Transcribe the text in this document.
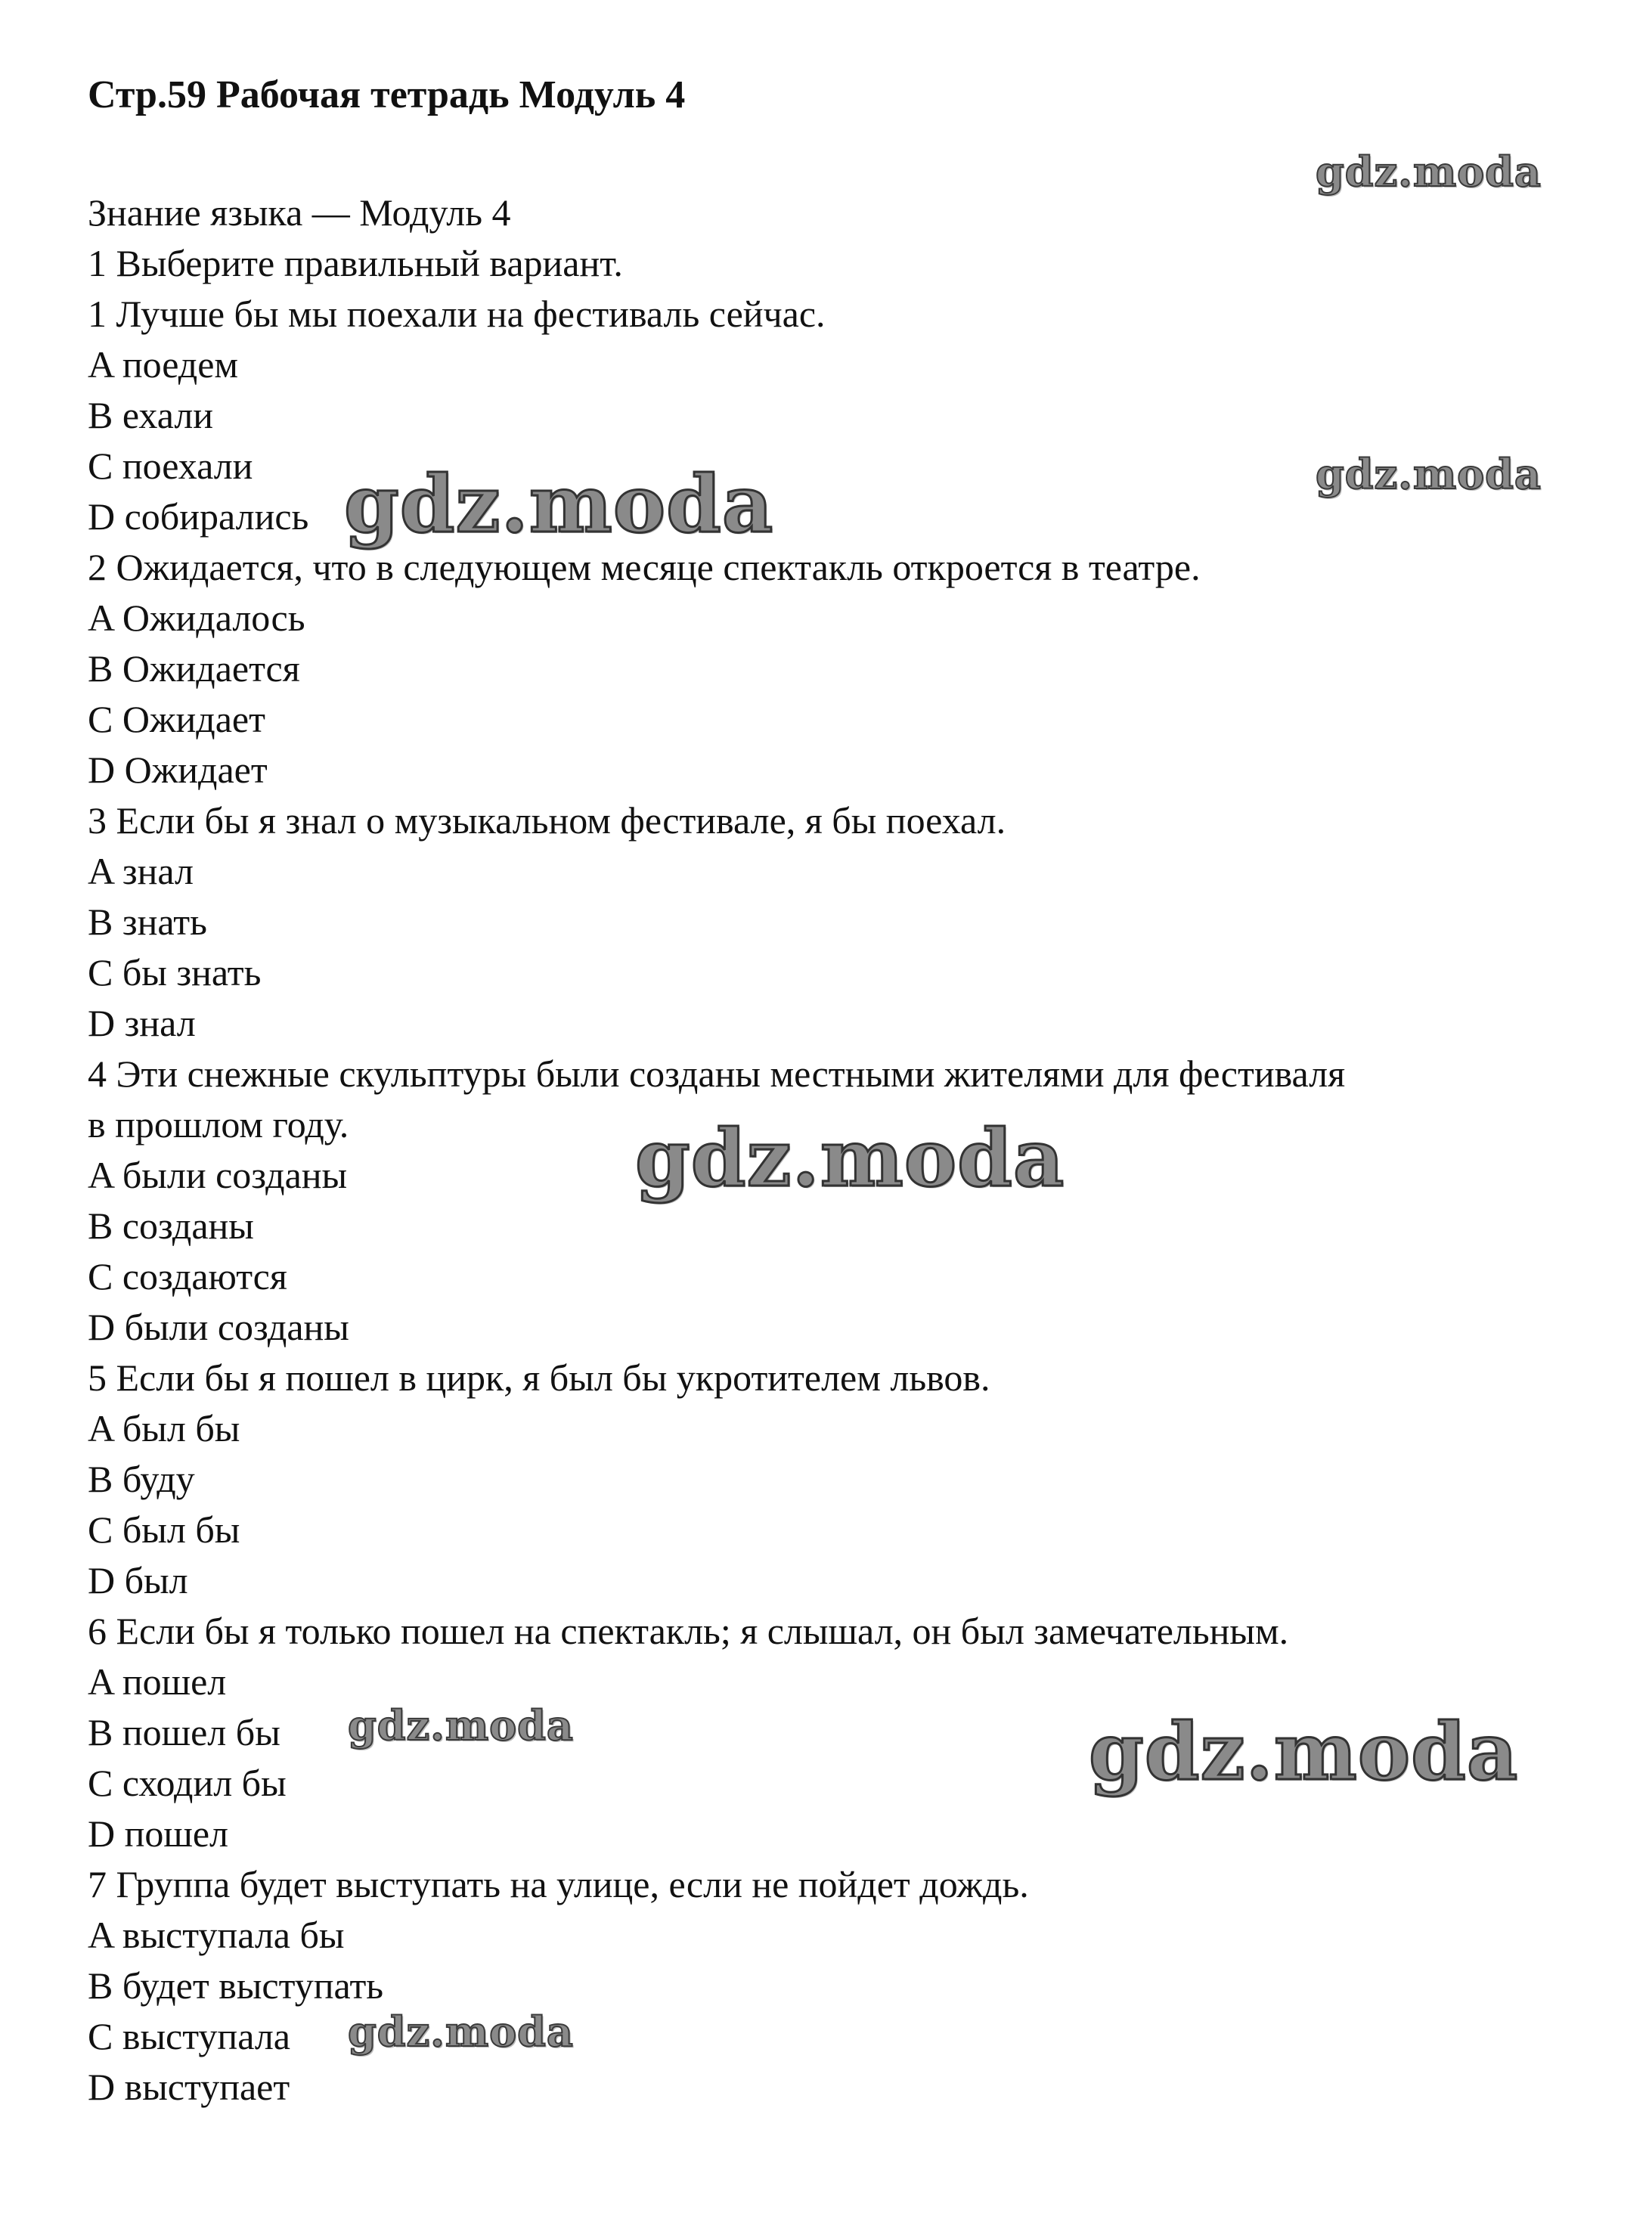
Стр.59 Рабочая тетрадь Модуль 4
Знание языка — Модуль 4
1 Выберите правильный вариант.
1 Лучше бы мы поехали на фестиваль сейчас.
A поедем
B ехали
C поехали
D собирались
2 Ожидается, что в следующем месяце спектакль откроется в театре.
A Ожидалось
B Ожидается
C Ожидает
D Ожидает
3 Если бы я знал о музыкальном фестивале, я бы поехал.
A знал
B знать
C бы знать
D знал
4 Эти снежные скульптуры были созданы местными жителями для фестиваля
в прошлом году.
A были созданы
B созданы
C создаются
D были созданы
5 Если бы я пошел в цирк, я был бы укротителем львов.
A был бы
B буду
C был бы
D был
6 Если бы я только пошел на спектакль; я слышал, он был замечательным.
A пошел
B пошел бы
C сходил бы
D пошел
7 Группа будет выступать на улице, если не пойдет дождь.
A выступала бы
B будет выступать
C выступала
D выступает
gdz.moda
gdz.moda
gdz.moda
gdz.moda
gdz.moda	gdz.moda
gdz.moda
